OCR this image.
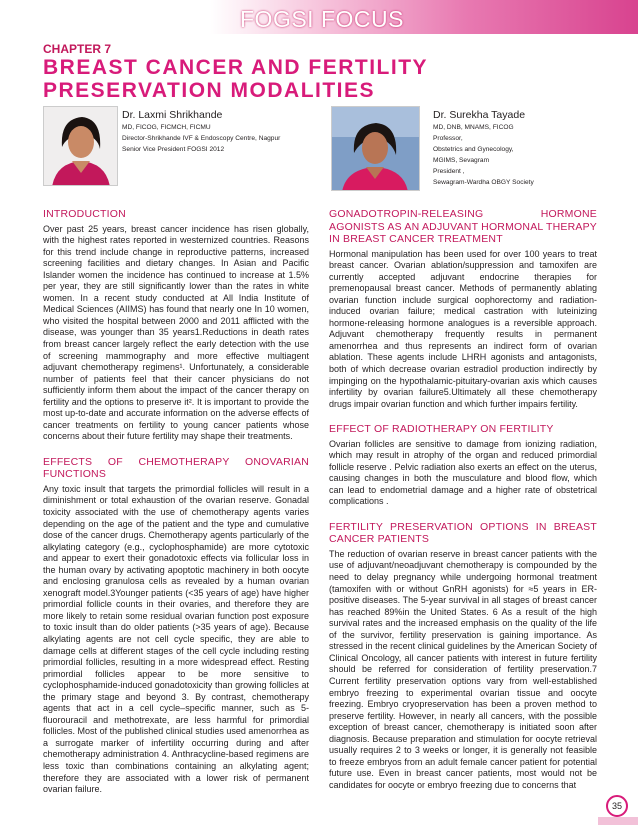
FOGSI FOCUS
CHAPTER 7
BREAST CANCER AND FERTILITY PRESERVATION MODALITIES
Dr. Laxmi Shrikhande
MD, FICOG, FICMCH, FICMU
Director-Shrikhande IVF & Endoscopy Centre, Nagpur
Senior Vice President FOGSI 2012
Dr. Surekha Tayade
MD, DNB, MNAMS, FICOG
Professor,
Obstetrics and Gynecology,
MGIMS, Sevagram
President ,
Sewagram-Wardha OBGY Society
INTRODUCTION

Over past 25 years, breast cancer incidence has risen globally, with the highest rates reported in westernized countries. Reasons for this trend include change in reproductive patterns, increased screening facilities and dietary changes. In Asian and Pacific Islander women the incidence has continued to increase at 1.5% per year, they are still significantly lower than the rates in white women. In a recent study conducted at All India Institute of Medical Sciences (AIIMS) has found that nearly one In 10 women, who visited the hospital between 2000 and 2011 afflicted with the disease, was younger than 35 years1.Reductions in death rates from breast cancer largely reflect the early detection with the use of screening mammography and more effective multiagent adjuvant chemotherapy regimens¹. Unfortunately, a considerable number of patients feel that their cancer physicians do not sufficiently inform them about the impact of the cancer therapy on fertility and the options to preserve it². It is important to provide the most up-to-date and accurate information on the adverse effects of cancer treatments on fertility to young cancer patients whose concerns about their future fertility may shape their treatments.

EFFECTS OF CHEMOTHERAPY ONOVARIAN FUNCTIONS

Any toxic insult that targets the primordial follicles will result in a diminishment or total exhaustion of the ovarian reserve. Gonadal toxicity associated with the use of chemotherapy agents varies depending on the age of the patient and the type and cumulative dose of the cancer drugs. Chemotherapy agents particularly of the alkylating category (e.g., cyclophosphamide) are more cytotoxic and appear to exert their gonadotoxic effects via follicular loss in the human ovary by activating apoptotic machinery in both oocyte and enclosing granulosa cells as revealed by a human ovarian xenograft model.3Younger patients (<35 years of age) have higher primordial follicle counts in their ovaries, and therefore they are more likely to retain some residual ovarian function post exposure to toxic insult than do older patients (>35 years of age). Because alkylating agents are not cell cycle specific, they are able to damage cells at different stages of the cell cycle including resting primordial follicles, resulting in a more widespread effect. Resting primordial follicles appear to be more sensitive to cyclophosphamide-induced gonadotoxicity than growing follicles at the primary stage and beyond 3. By contrast, chemotherapy agents that act in a cell cycle–specific manner, such as 5-fluorouracil and methotrexate, are less harmful for primordial follicles. Most of the published clinical studies used amenorrhea as a surrogate marker of infertility occurring during and after chemotherapy administration 4. Anthracycline-based regimens are less toxic than combinations containing an alkylating agent; therefore they are associated with a lower risk of permanent ovarian failure.

GONADOTROPIN-RELEASING HORMONE AGONISTS AS AN ADJUVANT HORMONAL THERAPY IN BREAST CANCER TREATMENT

Hormonal manipulation has been used for over 100 years to treat breast cancer. Ovarian ablation/suppression and tamoxifen are currently accepted adjuvant endocrine therapies for premenopausal breast cancer. Methods of permanently ablating ovarian function include surgical oophorectomy and radiation-induced ovarian failure; medical castration with luteinizing hormone-releasing hormone analogues is a reversible approach. Adjuvant chemotherapy frequently results in permanent amenorrhea and thus represents an indirect form of ovarian ablation. These agents include LHRH agonists and antagonists, both of which decrease ovarian estradiol production indirectly by impinging on the hypothalamic-pituitary-ovarian axis which causes infertility by ovarian failure5.Ultimately all these chemotherapy drugs impair ovarian function and which further impairs fertility.

EFFECT OF RADIOTHERAPY ON FERTILITY

Ovarian follicles are sensitive to damage from ionizing radiation, which may result in atrophy of the organ and reduced primordial follicle reserve . Pelvic radiation also exerts an effect on the uterus, causing changes in both the musculature and blood flow, which can lead to endometrial damage and a higher rate of obstetrical complications .

FERTILITY PRESERVATION OPTIONS IN BREAST CANCER PATIENTS

The reduction of ovarian reserve in breast cancer patients with the use of adjuvant/neoadjuvant chemotherapy is compounded by the need to delay pregnancy while undergoing hormonal treatment (tamoxifen with or without GnRH agonists) for ≈5 years in ER-positive diseases. The 5-year survival in all stages of breast cancer has reached 89%in the United States. 6 As a result of the high survival rates and the increased emphasis on the quality of the life of the survivor, fertility preservation is gaining importance. As stressed in the recent clinical guidelines by the American Society of Clinical Oncology, all cancer patients with interest in future fertility should be referred for consideration of fertility preservation.7 Current fertility preservation options vary from well-established embryo freezing to experimental ovarian tissue and oocyte freezing. Embryo cryopreservation has been a proven method to preserve fertility. However, in nearly all cancers, with the possible exception of breast cancer, chemotherapy is initiated soon after diagnosis. Because preparation and stimulation for oocyte retrieval usually requires 2 to 3 weeks or longer, it is generally not feasible to freeze embryos from an adult female cancer patient for potential future use. Even in breast cancer patients, most would not be candidates for oocyte or embryo freezing due to concerns that

35
